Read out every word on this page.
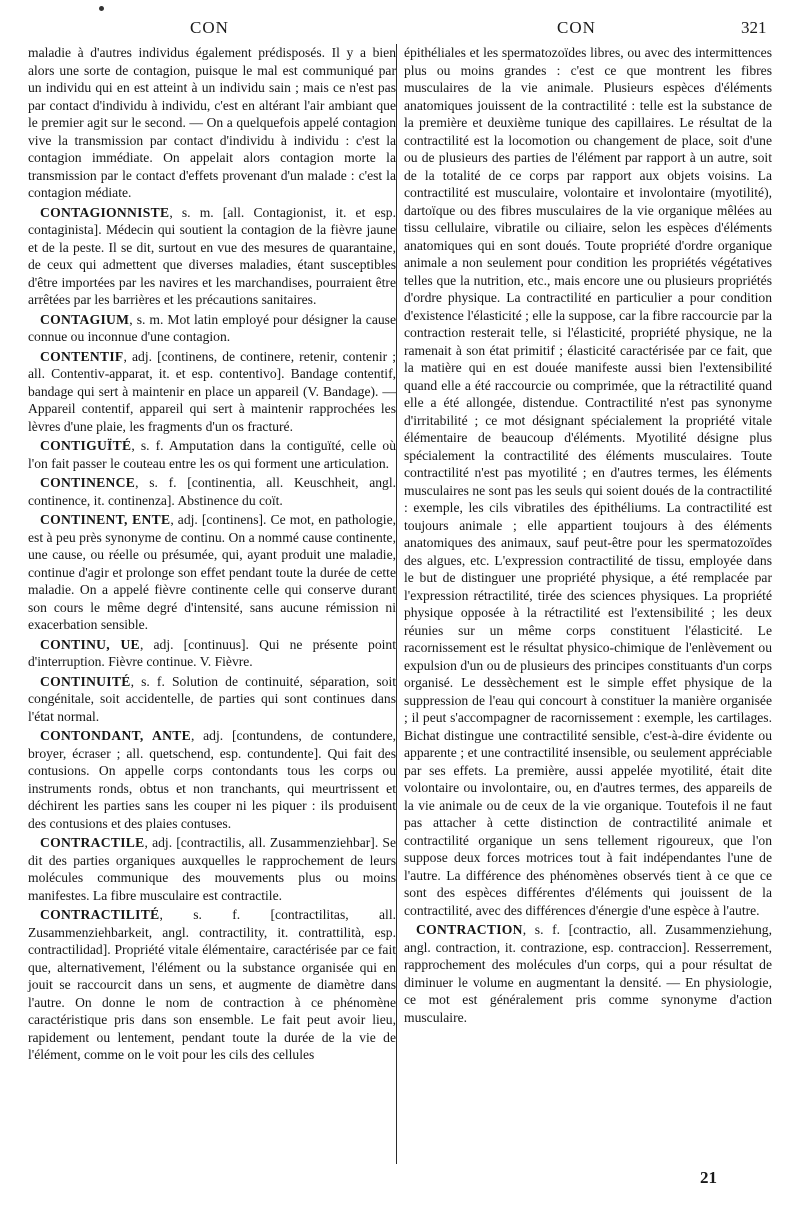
CON	CON	321

maladie à d'autres individus également prédisposés. Il y a bien alors une sorte de contagion, puisque le mal est communiqué par un individu qui en est atteint à un individu sain ; mais ce n'est pas par contact d'individu à individu, c'est en altérant l'air ambiant que le premier agit sur le second. — On a quelquefois appelé contagion vive la transmission par contact d'individu à individu : c'est la contagion immédiate. On appelait alors contagion morte la transmission par le contact d'effets provenant d'un malade : c'est la contagion médiate.

CONTAGIONNISTE, s. m. [all. Contagionist, it. et esp. contaginista]. Médecin qui soutient la contagion de la fièvre jaune et de la peste. Il se dit, surtout en vue des mesures de quarantaine, de ceux qui admettent que diverses maladies, étant susceptibles d'être importées par les navires et les marchandises, pourraient être arrêtées par les barrières et les précautions sanitaires.

CONTAGIUM, s. m. Mot latin employé pour désigner la cause connue ou inconnue d'une contagion.

CONTENTIF, adj. [continens, de continere, retenir, contenir ; all. Contentiv-apparat, it. et esp. contentivo]. Bandage contentif, bandage qui sert à maintenir en place un appareil (V. Bandage). — Appareil contentif, appareil qui sert à maintenir rapprochées les lèvres d'une plaie, les fragments d'un os fracturé.

CONTIGUÏTÉ, s. f. Amputation dans la contiguïté, celle où l'on fait passer le couteau entre les os qui forment une articulation.

CONTINENCE, s. f. [continentia, all. Keuschheit, angl. continence, it. continenza]. Abstinence du coït.

CONTINENT, ENTE, adj. [continens]. Ce mot, en pathologie, est à peu près synonyme de continu. On a nommé cause continente, une cause, ou réelle ou présumée, qui, ayant produit une maladie, continue d'agir et prolonge son effet pendant toute la durée de cette maladie. On a appelé fièvre continente celle qui conserve durant son cours le même degré d'intensité, sans aucune rémission ni exacerbation sensible.

CONTINU, UE, adj. [continuus]. Qui ne présente point d'interruption. Fièvre continue. V. Fièvre.

CONTINUITÉ, s. f. Solution de continuité, séparation, soit congénitale, soit accidentelle, de parties qui sont continues dans l'état normal.

CONTONDANT, ANTE, adj. [contundens, de contundere, broyer, écraser ; all. quetschend, esp. contundente]. Qui fait des contusions. On appelle corps contondants tous les corps ou instruments ronds, obtus et non tranchants, qui meurtrissent et déchirent les parties sans les couper ni les piquer : ils produisent des contusions et des plaies contuses.

CONTRACTILE, adj. [contractilis, all. Zusammenziehbar]. Se dit des parties organiques auxquelles le rapprochement de leurs molécules communique des mouvements plus ou moins manifestes. La fibre musculaire est contractile.

CONTRACTILITÉ, s. f. [contractilitas, all. Zusammenziehbarkeit, angl. contractility, it. contrattilità, esp. contractilidad]. Propriété vitale élémentaire, caractérisée par ce fait que, alternativement, l'élément ou la substance organisée qui en jouit se raccourcit dans un sens, et augmente de diamètre dans l'autre. On donne le nom de contraction à ce phénomène caractéristique pris dans son ensemble. Le fait peut avoir lieu, rapidement ou lentement, pendant toute la durée de la vie de l'élément, comme on le voit pour les cils des cellules

épithéliales et les spermatozoïdes libres, ou avec des intermittences plus ou moins grandes : c'est ce que montrent les fibres musculaires de la vie animale. Plusieurs espèces d'éléments anatomiques jouissent de la contractilité : telle est la substance de la première et deuxième tunique des capillaires. Le résultat de la contractilité est la locomotion ou changement de place, soit d'une ou de plusieurs des parties de l'élément par rapport à un autre, soit de la totalité de ce corps par rapport aux objets voisins. La contractilité est musculaire, volontaire et involontaire (myotilité), dartoïque ou des fibres musculaires de la vie organique mêlées au tissu cellulaire, vibratile ou ciliaire, selon les espèces d'éléments anatomiques qui en sont doués. Toute propriété d'ordre organique animale a non seulement pour condition les propriétés végétatives telles que la nutrition, etc., mais encore une ou plusieurs propriétés d'ordre physique. La contractilité en particulier a pour condition d'existence l'élasticité ; elle la suppose, car la fibre raccourcie par la contraction resterait telle, si l'élasticité, propriété physique, ne la ramenait à son état primitif ; élasticité caractérisée par ce fait, que la matière qui en est douée manifeste aussi bien l'extensibilité quand elle a été raccourcie ou comprimée, que la rétractilité quand elle a été allongée, distendue. Contractilité n'est pas synonyme d'irritabilité ; ce mot désignant spécialement la propriété vitale élémentaire de beaucoup d'éléments. Myotilité désigne plus spécialement la contractilité des éléments musculaires. Toute contractilité n'est pas myotilité ; en d'autres termes, les éléments musculaires ne sont pas les seuls qui soient doués de la contractilité : exemple, les cils vibratiles des épithéliums. La contractilité est toujours animale ; elle appartient toujours à des éléments anatomiques des animaux, sauf peut-être pour les spermatozoïdes des algues, etc. L'expression contractilité de tissu, employée dans le but de distinguer une propriété physique, a été remplacée par l'expression rétractilité, tirée des sciences physiques. La propriété physique opposée à la rétractilité est l'extensibilité ; les deux réunies sur un même corps constituent l'élasticité. Le racornissement est le résultat physico-chimique de l'enlèvement ou expulsion d'un ou de plusieurs des principes constituants d'un corps organisé. Le dessèchement est le simple effet physique de la suppression de l'eau qui concourt à constituer la manière organisée ; il peut s'accompagner de racornissement : exemple, les cartilages. Bichat distingue une contractilité sensible, c'est-à-dire évidente ou apparente ; et une contractilité insensible, ou seulement appréciable par ses effets. La première, aussi appelée myotilité, était dite volontaire ou involontaire, ou, en d'autres termes, des appareils de la vie animale ou de ceux de la vie organique. Toutefois il ne faut pas attacher à cette distinction de contractilité animale et contractilité organique un sens tellement rigoureux, que l'on suppose deux forces motrices tout à fait indépendantes l'une de l'autre. La différence des phénomènes observés tient à ce que ce sont des espèces différentes d'éléments qui jouissent de la contractilité, avec des différences d'énergie d'une espèce à l'autre.

CONTRACTION, s. f. [contractio, all. Zusammenziehung, angl. contraction, it. contrazione, esp. contraccion]. Resserrement, rapprochement des molécules d'un corps, qui a pour résultat de diminuer le volume en augmentant la densité. — En physiologie, ce mot est généralement pris comme synonyme d'action musculaire.

21
